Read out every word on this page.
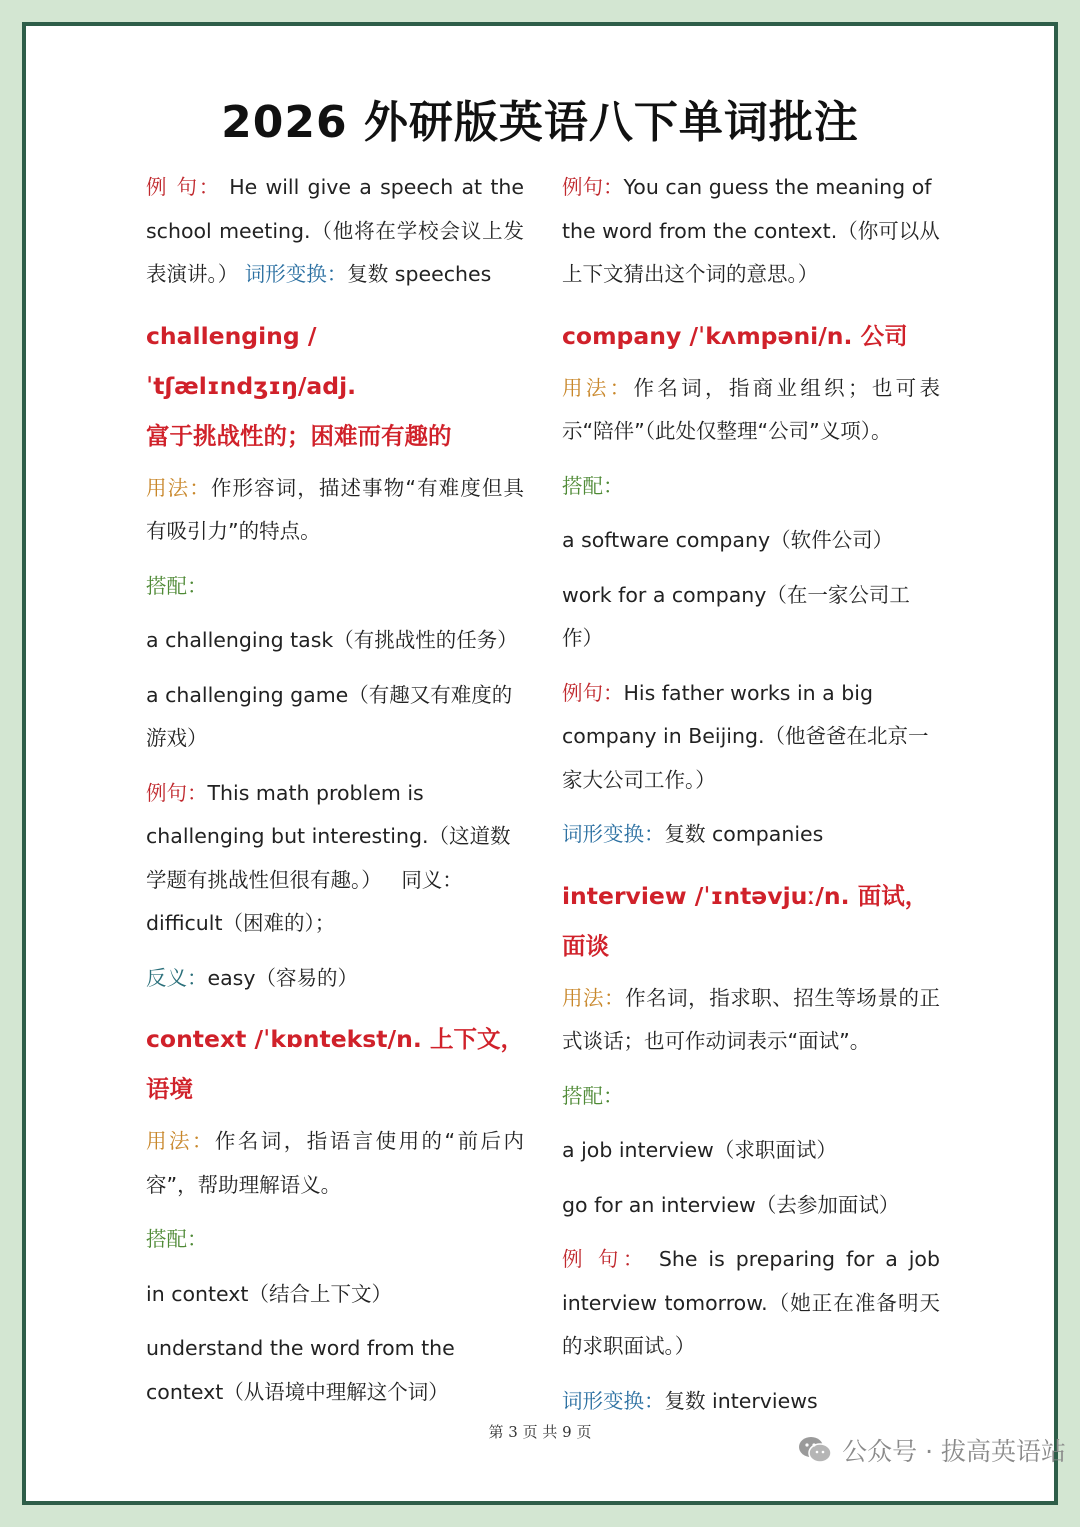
2026 外研版英语八下单词批注
例 句： He will give a speech at the school meeting.（他将在学校会议上发表演讲。） 词形变换：复数 speeches
challenging /ˈtʃælɪndʒɪŋ/adj.
富于挑战性的；困难而有趣的
用法：作形容词，描述事物“有难度但具有吸引力”的特点。
搭配：
a challenging task（有挑战性的任务）
a challenging game（有趣又有难度的游戏）
例句：This math problem is challenging but interesting.（这道数学题有挑战性但很有趣。） 同义：difficult（困难的）；
反义：easy（容易的）
context /ˈkɒntekst/n. 上下文，语境
用法：作名词，指语言使用的“前后内容”，帮助理解语义。
搭配：
in context（结合上下文）
understand the word from the context（从语境中理解这个词）
例句：You can guess the meaning of the word from the context.（你可以从上下文猜出这个词的意思。）
company /ˈkʌmpəni/n. 公司
用法：作名词，指商业组织；也可表示“陪伴”（此处仅整理“公司”义项）。
搭配：
a software company（软件公司）
work for a company（在一家公司工作）
例句：His father works in a big company in Beijing.（他爸爸在北京一家大公司工作。）
词形变换：复数 companies
interview /ˈɪntəvjuː/n. 面试，面谈
用法：作名词，指求职、招生等场景的正式谈话；也可作动词表示“面试”。
搭配：
a job interview（求职面试）
go for an interview（去参加面试）
例 句： She is preparing for a job interview tomorrow.（她正在准备明天的求职面试。）
词形变换：复数 interviews
第 3 页 共 9 页
公众号 · 拔高英语站
